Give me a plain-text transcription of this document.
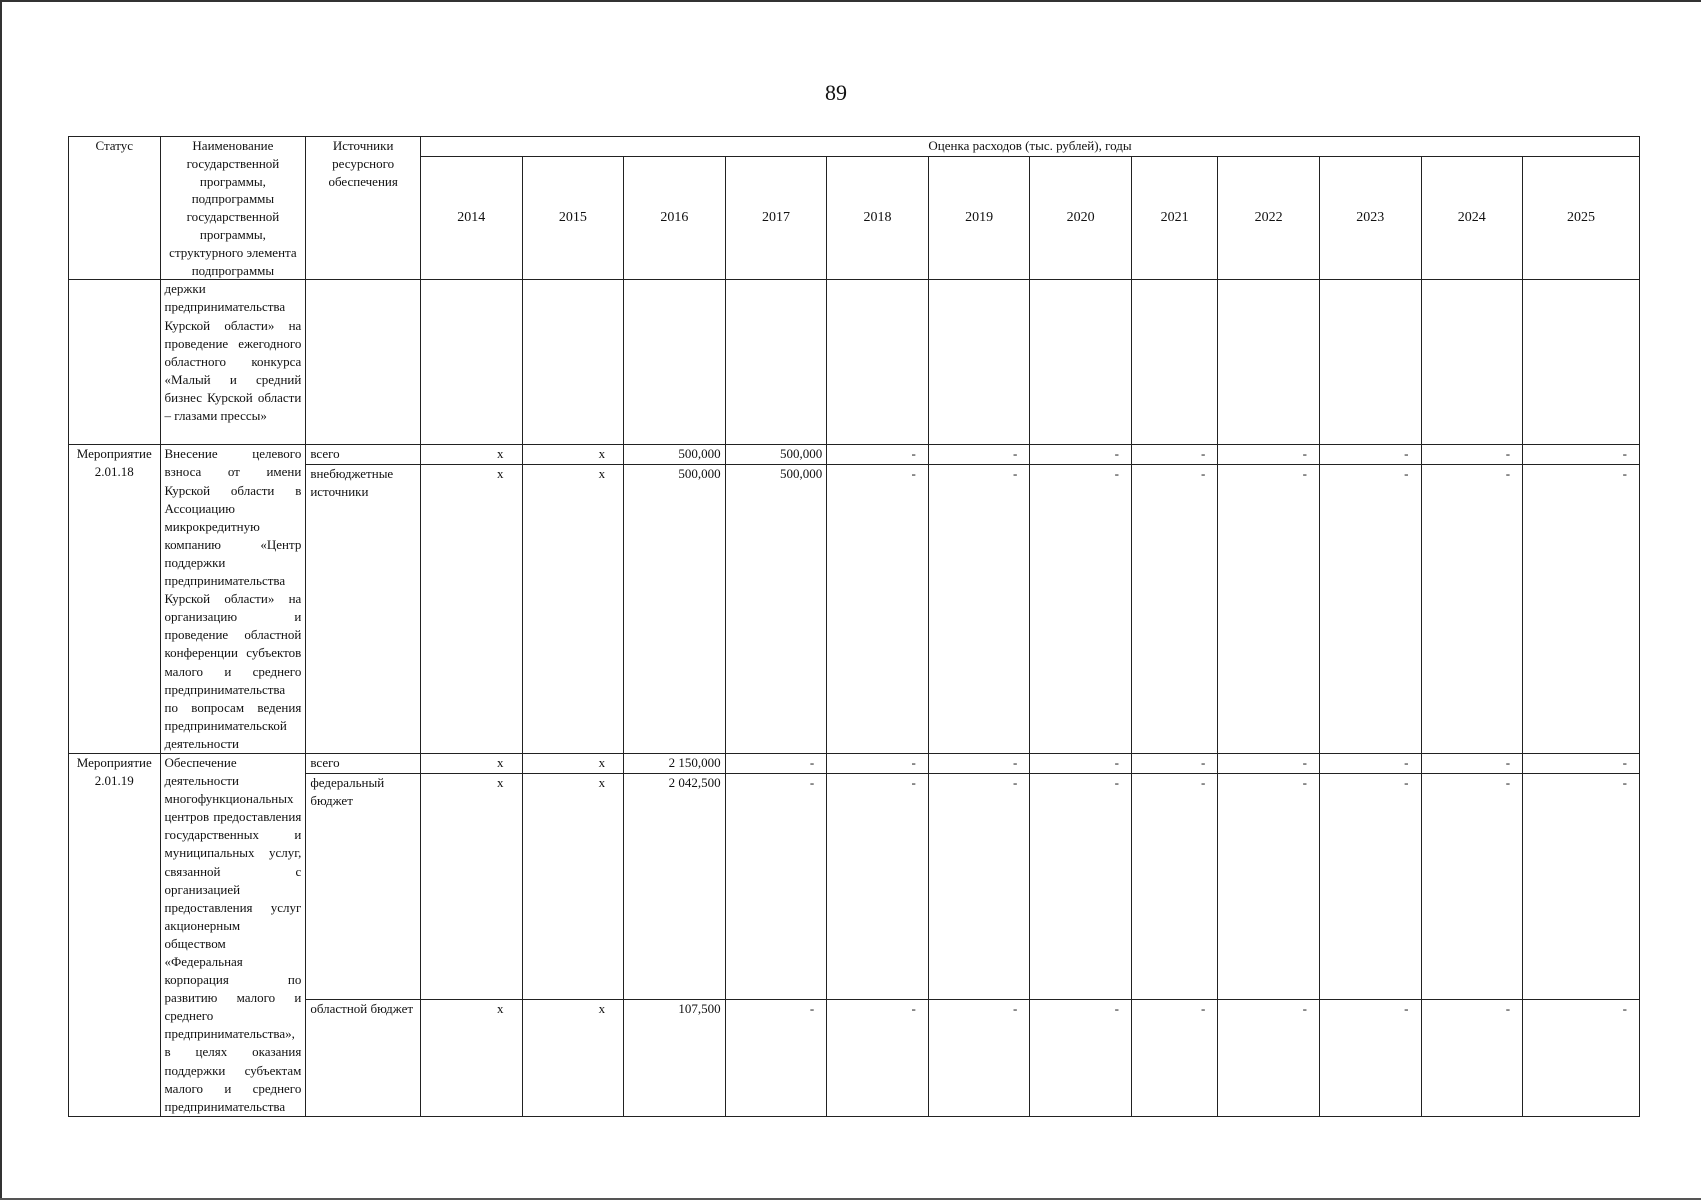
89
Статус	Наименование государственной программы, подпрограммы государственной программы, структурного элемента подпрограммы	Источники ресурсного обеспечения	Оценка расходов (тыс. рублей), годы											
			2014	2015	2016	2017	2018	2019	2020	2021	2022	2023	2024	2025
	держки предпринимательства Курской области» на проведение ежегодного областного конкурса «Малый и средний бизнес Курской области – глазами прессы»													
Мероприятие 2.01.18	Внесение целевого взноса от имени Курской области в Ассоциацию микрокредитную компанию «Центр поддержки предпринимательства Курской области» на организацию и проведение областной конференции субъектов малого и среднего предпринимательства по вопросам ведения предпринимательской деятельности	всего	x	x	500,000	500,000	-	-	-	-	-	-	-	-
		внебюджетные источники	x	x	500,000	500,000	-	-	-	-	-	-	-	-
Мероприятие 2.01.19	Обеспечение деятельности многофункциональных центров предоставления государственных и муниципальных услуг, связанной с организацией предоставления услуг акционерным обществом «Федеральная корпорация по развитию малого и среднего предпринимательства», в целях оказания поддержки субъектам малого и среднего предпринимательства	всего	x	x	2 150,000	-	-	-	-	-	-	-	-	-
		федеральный бюджет	x	x	2 042,500	-	-	-	-	-	-	-	-	-
		областной бюджет	x	x	107,500	-	-	-	-	-	-	-	-	-
